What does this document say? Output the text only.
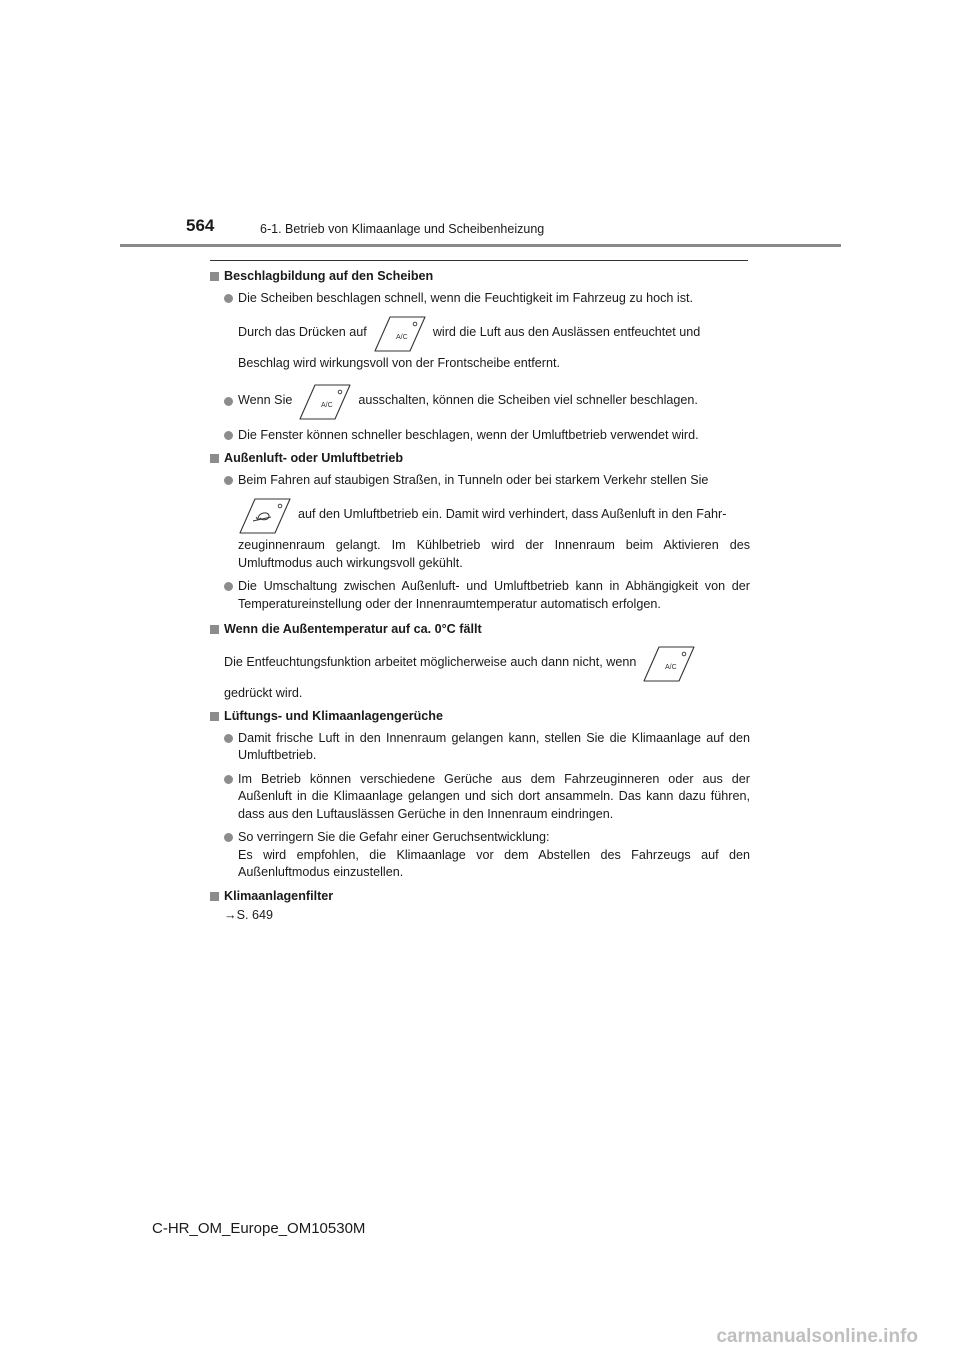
564	6-1. Betrieb von Klimaanlage und Scheibenheizung
Beschlagbildung auf den Scheiben
Die Scheiben beschlagen schnell, wenn die Feuchtigkeit im Fahrzeug zu hoch ist.
Durch das Drücken auf	A/C wird die Luft aus den Auslässen entfeuchtet und
Beschlag wird wirkungsvoll von der Frontscheibe entfernt.
Wenn Sie	A/C ausschalten, können die Scheiben viel schneller beschlagen.
Die Fenster können schneller beschlagen, wenn der Umluftbetrieb verwendet wird.
Außenluft- oder Umluftbetrieb
Beim Fahren auf staubigen Straßen, in Tunneln oder bei starkem Verkehr stellen Sie
auf den Umluftbetrieb ein. Damit wird verhindert, dass Außenluft in den Fahr-
zeuginnenraum gelangt. Im Kühlbetrieb wird der Innenraum beim Aktivieren des Umluftmodus auch wirkungsvoll gekühlt.
Die Umschaltung zwischen Außenluft- und Umluftbetrieb kann in Abhängigkeit von der Temperatureinstellung oder der Innenraumtemperatur automatisch erfolgen.
Wenn die Außentemperatur auf ca. 0°C fällt
Die Entfeuchtungsfunktion arbeitet möglicherweise auch dann nicht, wenn	A/C
gedrückt wird.
Lüftungs- und Klimaanlagengerüche
Damit frische Luft in den Innenraum gelangen kann, stellen Sie die Klimaanlage auf den Umluftbetrieb.
Im Betrieb können verschiedene Gerüche aus dem Fahrzeuginneren oder aus der Außenluft in die Klimaanlage gelangen und sich dort ansammeln. Das kann dazu führen, dass aus den Luftauslässen Gerüche in den Innenraum eindringen.
So verringern Sie die Gefahr einer Geruchsentwicklung:
Es wird empfohlen, die Klimaanlage vor dem Abstellen des Fahrzeugs auf den Außenluftmodus einzustellen.
Klimaanlagenfilter
→S. 649
C-HR_OM_Europe_OM10530M
carmanualsonline.info
